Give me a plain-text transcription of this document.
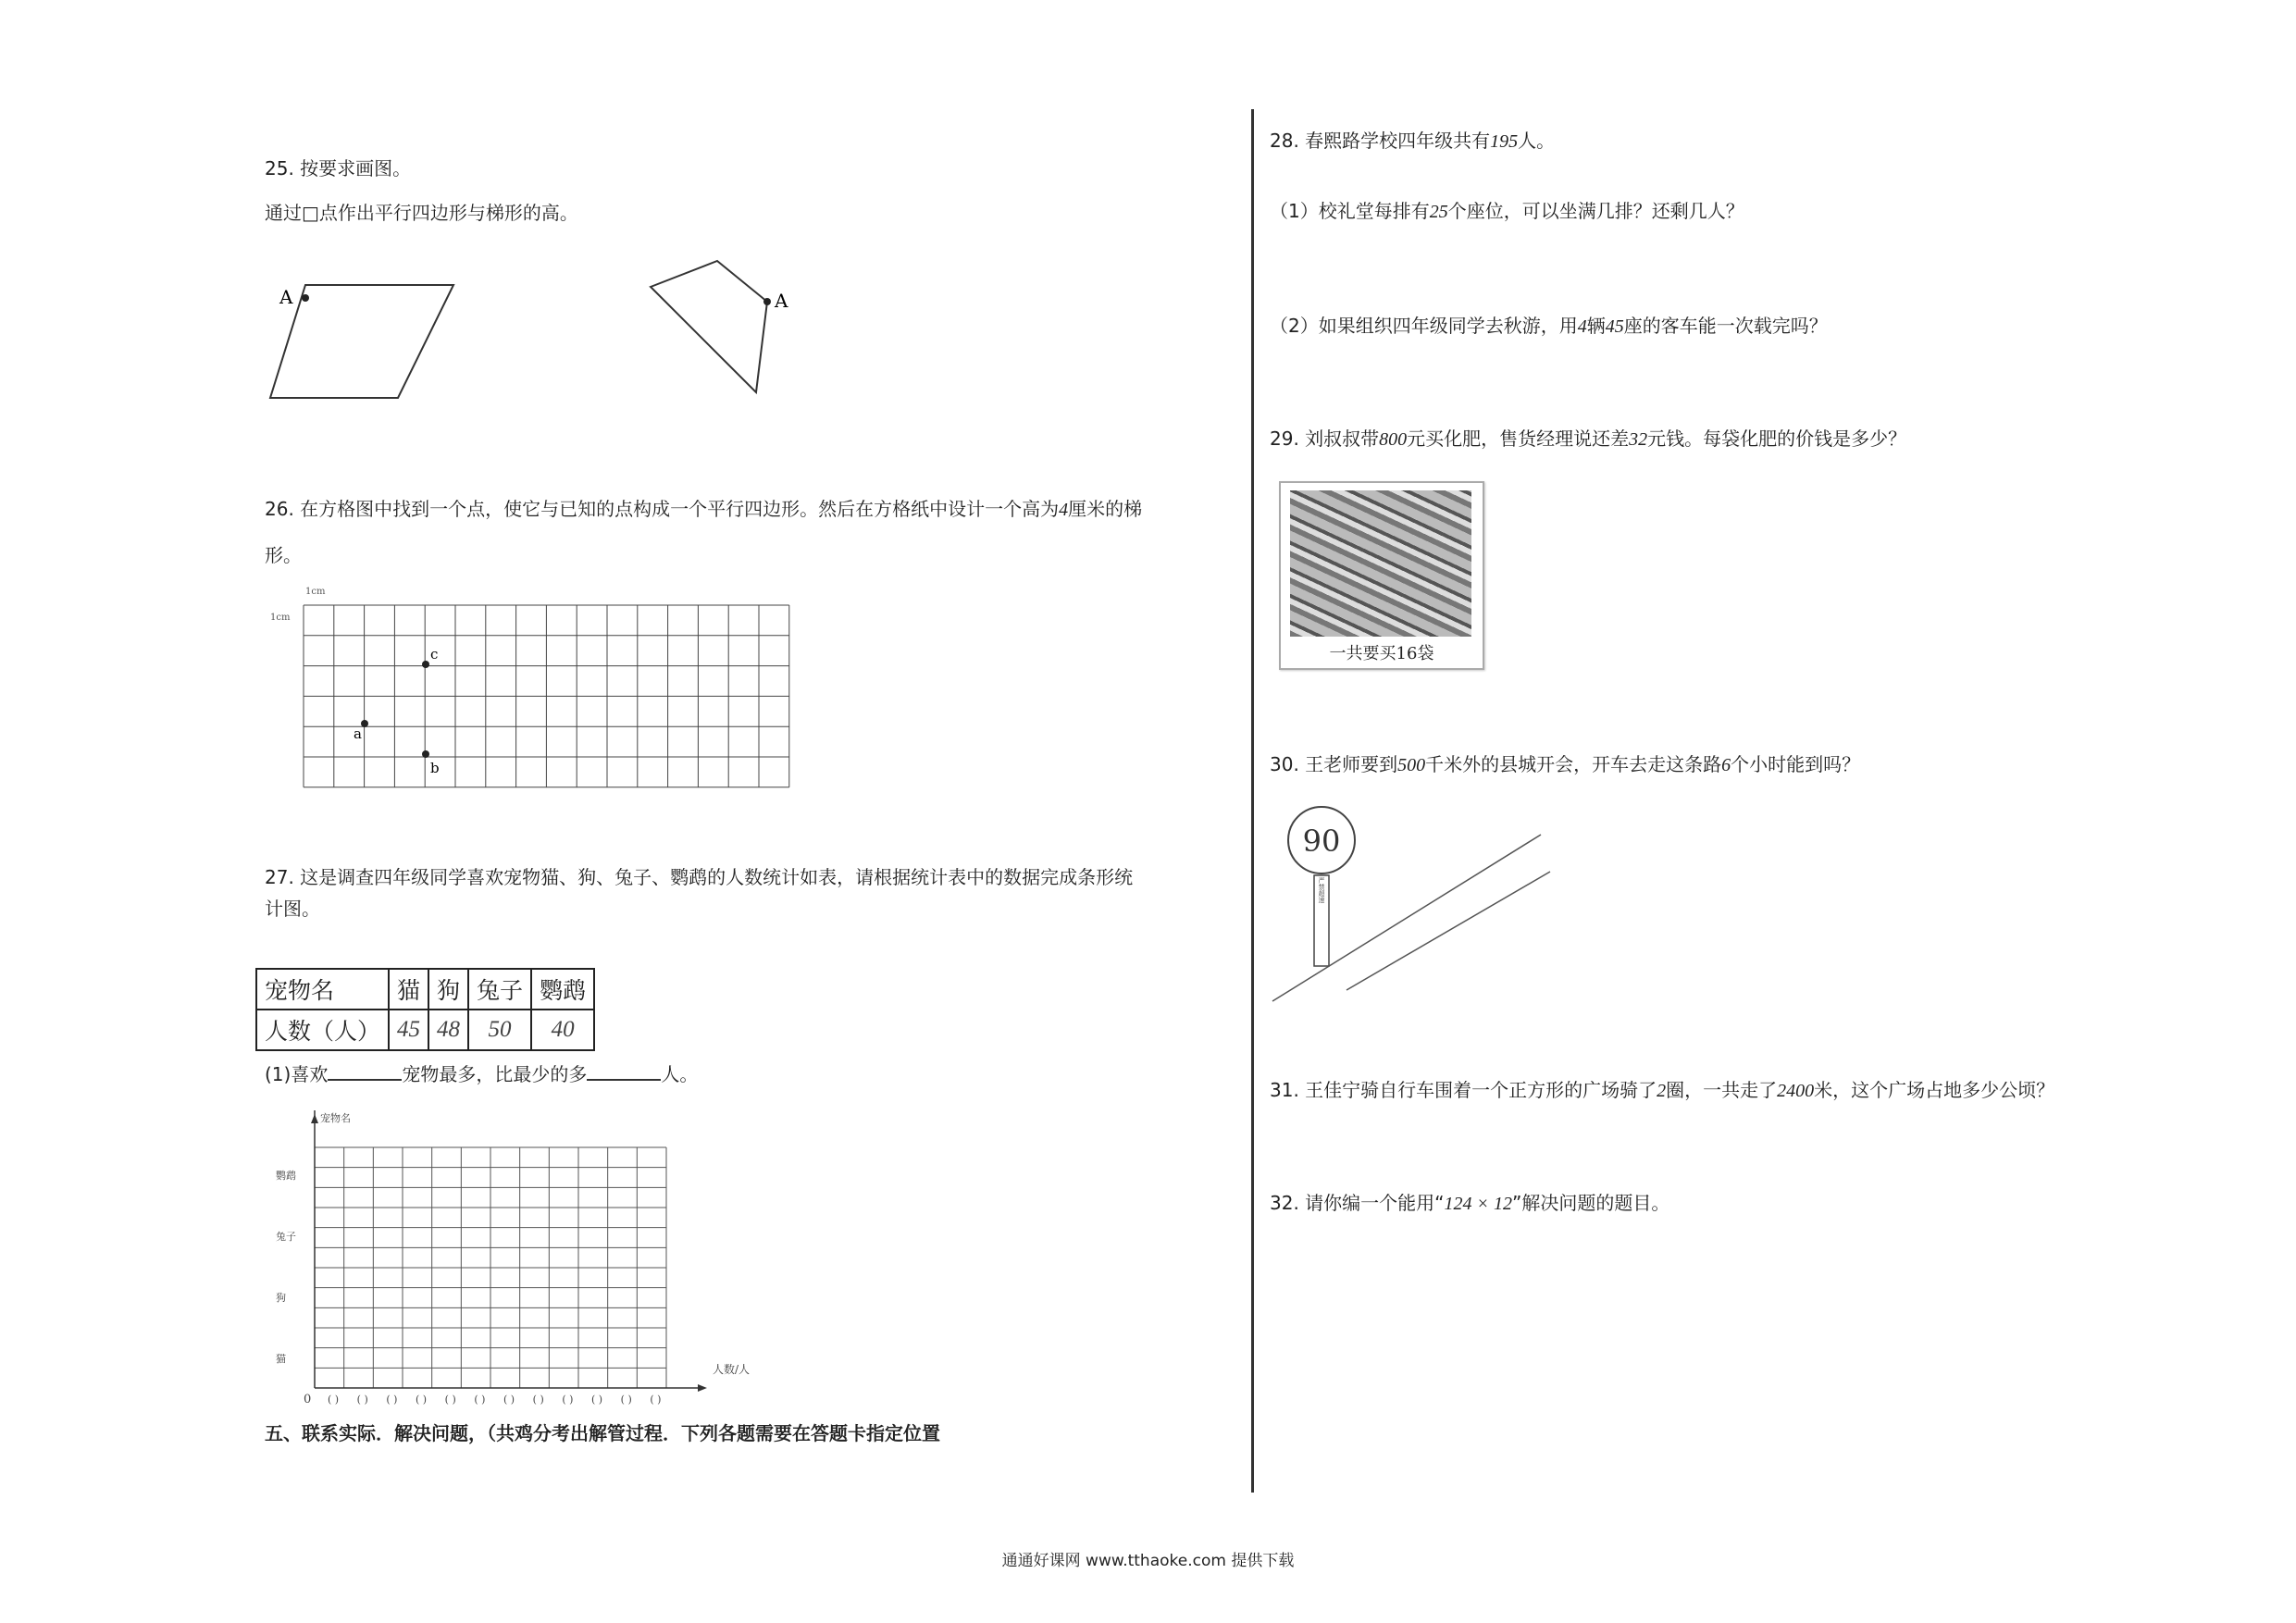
25. 按要求画图。
通过□点作出平行四边形与梯形的高。
A	A
26. 在方格图中找到一个点，使它与已知的点构成一个平行四边形。然后在方格纸中设计一个高为4厘米的梯
形。
1cm
1cm
c
a
b
27. 这是调查四年级同学喜欢宠物猫、狗、兔子、鹦鹉的人数统计如表，请根据统计表中的数据完成条形统
计图。
宠物名	猫	狗	兔子	鹦鹉
人数（人）	45	48	50	40
(1)喜欢	宠物最多，比最少的多	人。
宠物名
人数/人
0
鹦鹉
兔子
狗
猫
( ) ( ) ( ) ( ) ( ) ( ) ( ) ( ) ( ) ( ) ( ) ( )
五、联系实际．解决问题，（共鸡分考出解管过程．下列各题需要在答题卡指定位置
28. 春熙路学校四年级共有195人。
（1）校礼堂每排有25个座位，可以坐满几排？还剩几人？
（2）如果组织四年级同学去秋游，用4辆45座的客车能一次载完吗？
29. 刘叔叔带800元买化肥，售货经理说还差32元钱。每袋化肥的价钱是多少？
一共要买16袋
30. 王老师要到500千米外的县城开会，开车去走这条路6个小时能到吗？
90
严禁超速
31. 王佳宁骑自行车围着一个正方形的广场骑了2圈，一共走了2400米，这个广场占地多少公顷？
32. 请你编一个能用“124 × 12”解决问题的题目。
通通好课网 www.tthaoke.com 提供下载
